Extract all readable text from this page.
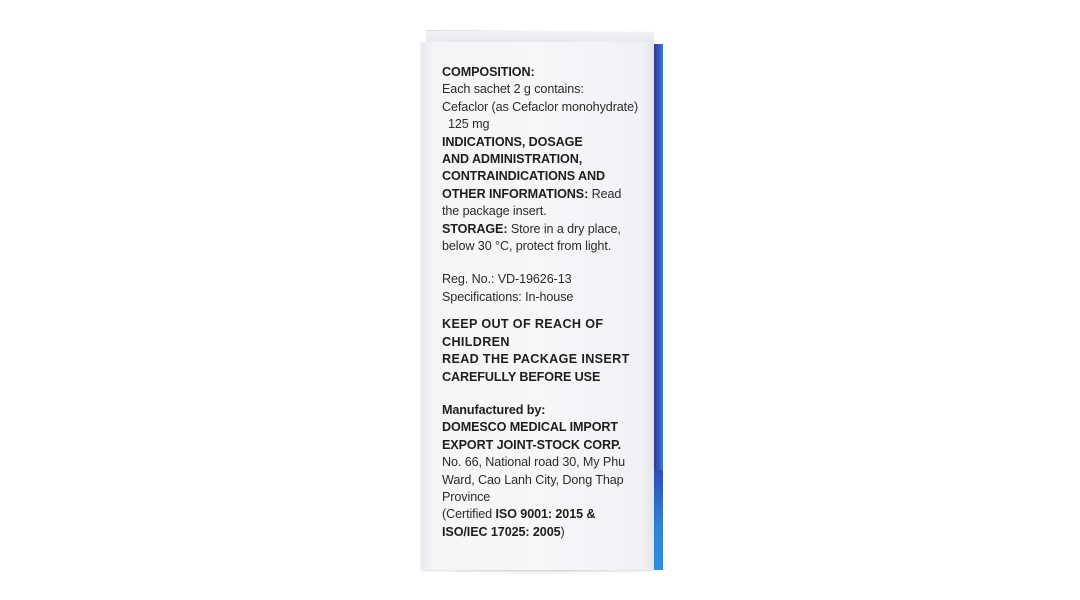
COMPOSITION:
Each sachet 2 g contains:
Cefaclor (as Cefaclor monohydrate)
125 mg
INDICATIONS, DOSAGE
AND ADMINISTRATION,
CONTRAINDICATIONS AND
OTHER INFORMATIONS: Read
the package insert.
STORAGE: Store in a dry place,
below 30 °C, protect from light.
Reg. No.: VD-19626-13
Specifications: In-house
KEEP OUT OF REACH OF
CHILDREN
READ THE PACKAGE INSERT
CAREFULLY BEFORE USE
Manufactured by:
DOMESCO MEDICAL IMPORT
EXPORT JOINT-STOCK CORP.
No. 66, National road 30, My Phu
Ward, Cao Lanh City, Dong Thap
Province
(Certified ISO 9001: 2015 &
ISO/IEC 17025: 2005)
